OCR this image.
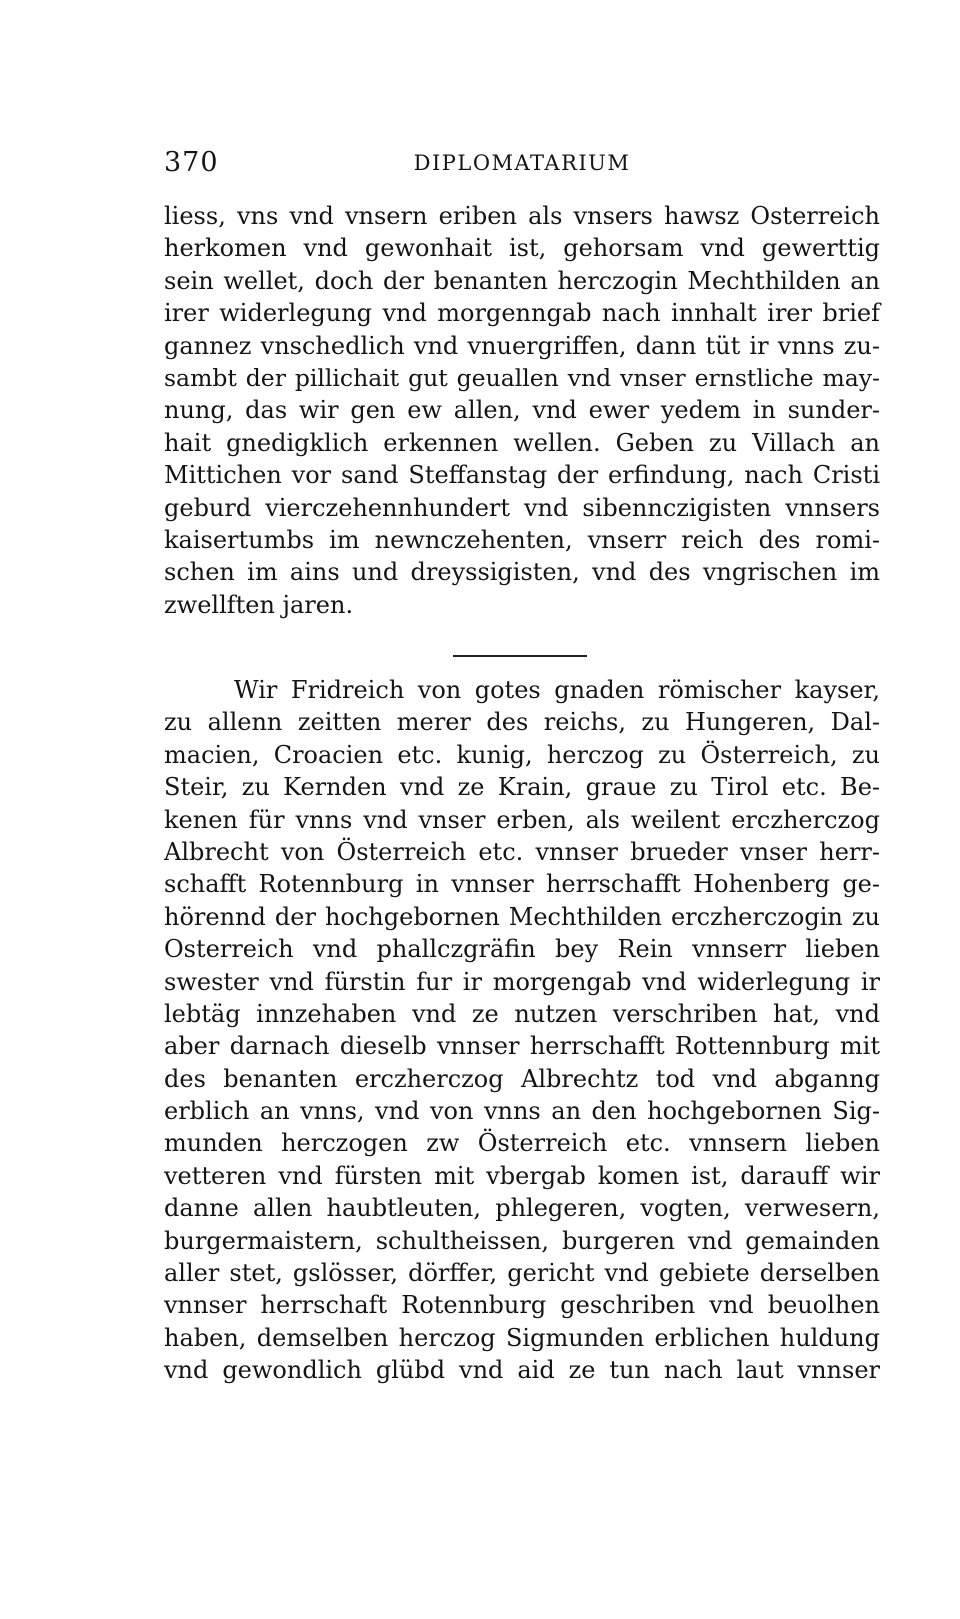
370	DIPLOMATARIUM
liess, vns vnd vnsern eriben als vnsers hawsz Osterreich
herkomen vnd gewonhait ist, gehorsam vnd gewerttig
sein wellet, doch der benanten herczogin Mechthilden an
irer widerlegung vnd morgenngab nach innhalt irer brief
gannez vnschedlich vnd vnuergriffen, dann tüt ir vnns zu-
sambt der pillichait gut geuallen vnd vnser ernstliche may-
nung, das wir gen ew allen, vnd ewer yedem in sunder-
hait gnedigklich erkennen wellen. Geben zu Villach an
Mittichen vor sand Steffanstag der erfindung, nach Cristi
geburd vierczehennhundert vnd sibennczigisten vnnsers
kaisertumbs im newnczehenten, vnserr reich des romi-
schen im ains und dreyssigisten, vnd des vngrischen im
zwellften jaren.
Wir Fridreich von gotes gnaden römischer kayser,
zu allenn zeitten merer des reichs, zu Hungeren, Dal-
macien, Croacien etc. kunig, herczog zu Österreich, zu
Steir, zu Kernden vnd ze Krain, graue zu Tirol etc. Be-
kenen für vnns vnd vnser erben, als weilent erczherczog
Albrecht von Österreich etc. vnnser brueder vnser herr-
schafft Rotennburg in vnnser herrschafft Hohenberg ge-
hörennd der hochgebornen Mechthilden erczherczogin zu
Osterreich vnd phallczgräfin bey Rein vnnserr lieben
swester vnd fürstin fur ir morgengab vnd widerlegung ir
lebtäg innzehaben vnd ze nutzen verschriben hat, vnd
aber darnach dieselb vnnser herrschafft Rottennburg mit
des benanten erczherczog Albrechtz tod vnd abganng
erblich an vnns, vnd von vnns an den hochgebornen Sig-
munden herczogen zw Österreich etc. vnnsern lieben
vetteren vnd fürsten mit vbergab komen ist, darauff wir
danne allen haubtleuten, phlegeren, vogten, verwesern,
burgermaistern, schultheissen, burgeren vnd gemainden
aller stet, gslösser, dörffer, gericht vnd gebiete derselben
vnnser herrschaft Rotennburg geschriben vnd beuolhen
haben, demselben herczog Sigmunden erblichen huldung
vnd gewondlich glübd vnd aid ze tun nach laut vnnser
